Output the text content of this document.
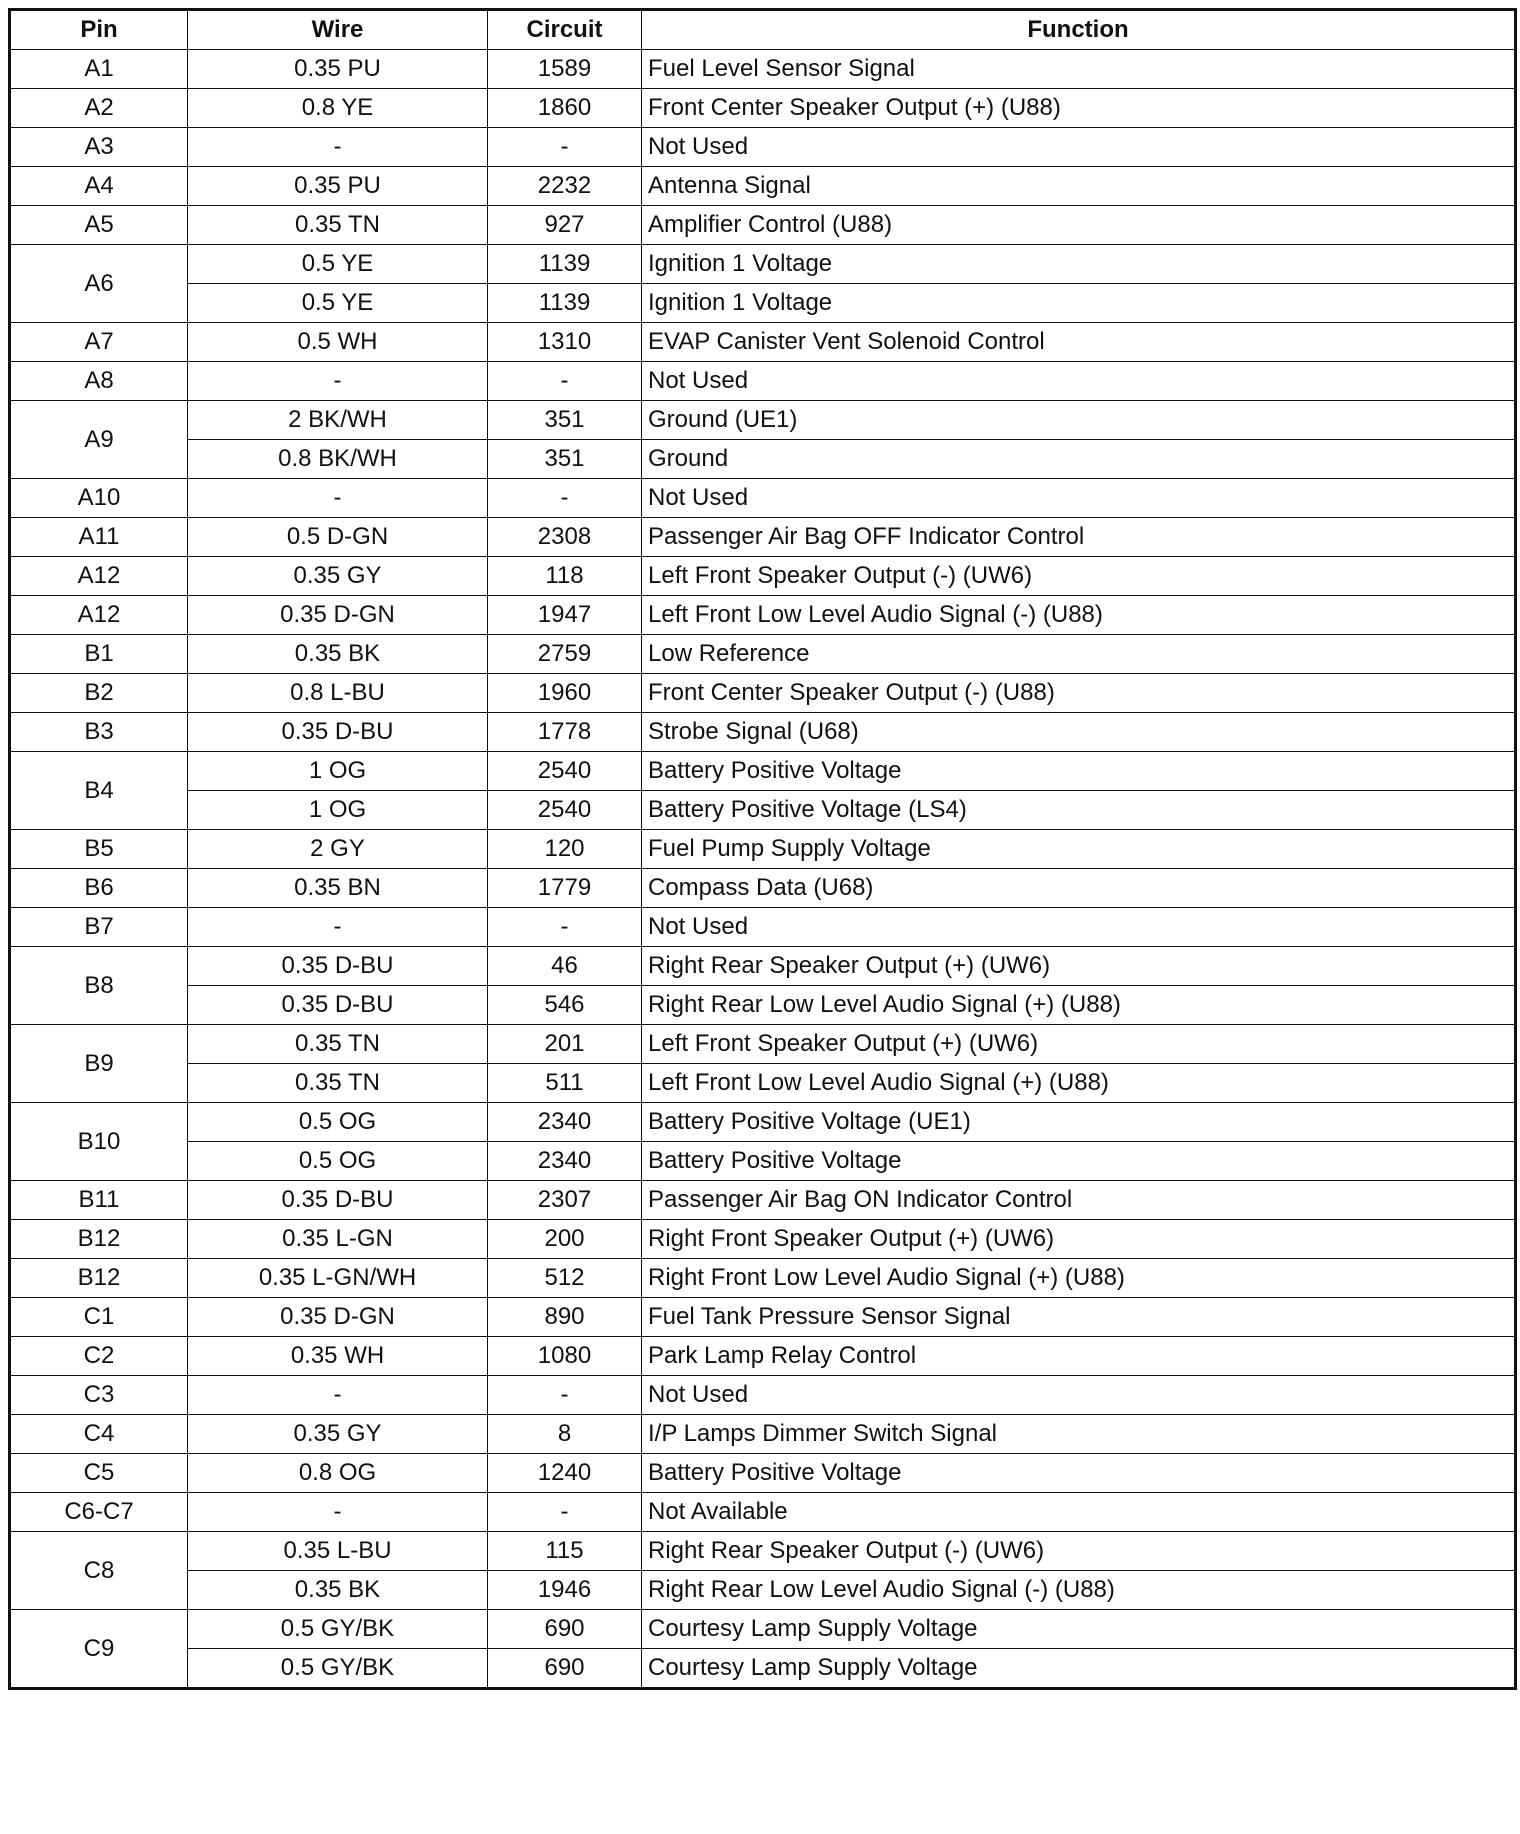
Pin	Wire	Circuit	Function
A1	0.35 PU	1589	Fuel Level Sensor Signal
A2	0.8 YE	1860	Front Center Speaker Output (+) (U88)
A3	-	-	Not Used
A4	0.35 PU	2232	Antenna Signal
A5	0.35 TN	927	Amplifier Control (U88)
A6	0.5 YE	1139	Ignition 1 Voltage
	0.5 YE	1139	Ignition 1 Voltage
A7	0.5 WH	1310	EVAP Canister Vent Solenoid Control
A8	-	-	Not Used
A9	2 BK/WH	351	Ground (UE1)
	0.8 BK/WH	351	Ground
A10	-	-	Not Used
A11	0.5 D-GN	2308	Passenger Air Bag OFF Indicator Control
A12	0.35 GY	118	Left Front Speaker Output (-) (UW6)
A12	0.35 D-GN	1947	Left Front Low Level Audio Signal (-) (U88)
B1	0.35 BK	2759	Low Reference
B2	0.8 L-BU	1960	Front Center Speaker Output (-) (U88)
B3	0.35 D-BU	1778	Strobe Signal (U68)
B4	1 OG	2540	Battery Positive Voltage
	1 OG	2540	Battery Positive Voltage (LS4)
B5	2 GY	120	Fuel Pump Supply Voltage
B6	0.35 BN	1779	Compass Data (U68)
B7	-	-	Not Used
B8	0.35 D-BU	46	Right Rear Speaker Output (+) (UW6)
	0.35 D-BU	546	Right Rear Low Level Audio Signal (+) (U88)
B9	0.35 TN	201	Left Front Speaker Output (+) (UW6)
	0.35 TN	511	Left Front Low Level Audio Signal (+) (U88)
B10	0.5 OG	2340	Battery Positive Voltage (UE1)
	0.5 OG	2340	Battery Positive Voltage
B11	0.35 D-BU	2307	Passenger Air Bag ON Indicator Control
B12	0.35 L-GN	200	Right Front Speaker Output (+) (UW6)
B12	0.35 L-GN/WH	512	Right Front Low Level Audio Signal (+) (U88)
C1	0.35 D-GN	890	Fuel Tank Pressure Sensor Signal
C2	0.35 WH	1080	Park Lamp Relay Control
C3	-	-	Not Used
C4	0.35 GY	8	I/P Lamps Dimmer Switch Signal
C5	0.8 OG	1240	Battery Positive Voltage
C6-C7	-	-	Not Available
C8	0.35 L-BU	115	Right Rear Speaker Output (-) (UW6)
	0.35 BK	1946	Right Rear Low Level Audio Signal (-) (U88)
C9	0.5 GY/BK	690	Courtesy Lamp Supply Voltage
	0.5 GY/BK	690	Courtesy Lamp Supply Voltage
